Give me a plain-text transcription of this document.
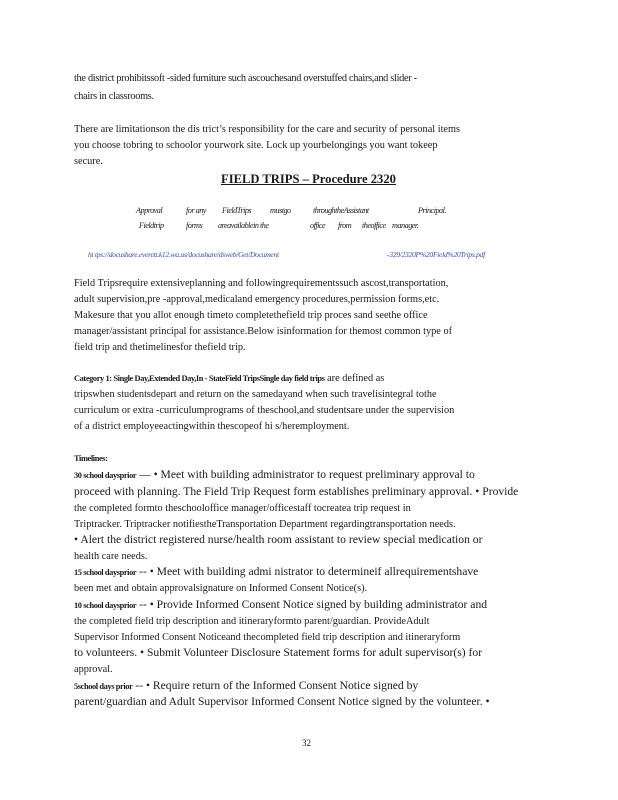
the district prohibitssoft -sided furniture such ascouchesand overstuffed chairs,and slider -
chairs in classrooms.
There are limitationson the dis trict’s responsibility for the care and security of personal items
you choose tobring to schoolor yourwork site. Lock up yourbelongings you want tokeep
secure.
FIELD TRIPS – Procedure 2320
Approval	for any FieldTrips mustgo	throughtheAssistant	Principal.
Fieldtrip	forms areavailablein the	office from theoffice manager.
ht tps://docushare.everett.k12.wa.us/docushare/dsweb/Get/Document	-329/2320P%20Field%20Trips.pdf
Field Tripsrequire extensiveplanning and followingrequirementssuch ascost,transportation,
adult supervision,pre -approval,medicaland emergency procedures,permission forms,etc.
Makesure that you allot enough timeto completethefield trip proces sand seethe office
manager/assistant principal for assistance.Below isinformation for themost common type of
field trip and thetimelinesfor thefield trip.
Category 1: Single Day,Extended Day,In - StateField TripsSingle day field trips are defined as
tripswhen studentsdepart and return on the samedayand when such travelisintegral tothe
curriculum or extra -curriculumprograms of theschool,and studentsare under the supervision
of a district employeeactingwithin thescopeof hi s/heremployment.
Timelines:
30 school daysprior — • Meet with building administrator to request preliminary approval to
proceed with planning. The Field Trip Request form establishes preliminary approval. • Provide
the completed formto theschooloffice manager/officestaff tocreatea trip request in
Triptracker. Triptracker notifiestheTransportation Department regardingtransportation needs.
• Alert the district registered nurse/health room assistant to review special medication or
health care needs.
15 school daysprior -- • Meet with building admi nistrator to determineif allrequirementshave
been met and obtain approvalsignature on Informed Consent Notice(s).
10 school daysprior -- • Provide Informed Consent Notice signed by building administrator and
the completed field trip description and itineraryformto parent/guardian. ProvideAdult
Supervisor Informed Consent Noticeand thecompleted field trip description and itineraryform
to volunteers. • Submit Volunteer Disclosure Statement forms for adult supervisor(s) for
approval.
5school days prior -- • Require return of the Informed Consent Notice signed by
parent/guardian and Adult Supervisor Informed Consent Notice signed by the volunteer. •
32
